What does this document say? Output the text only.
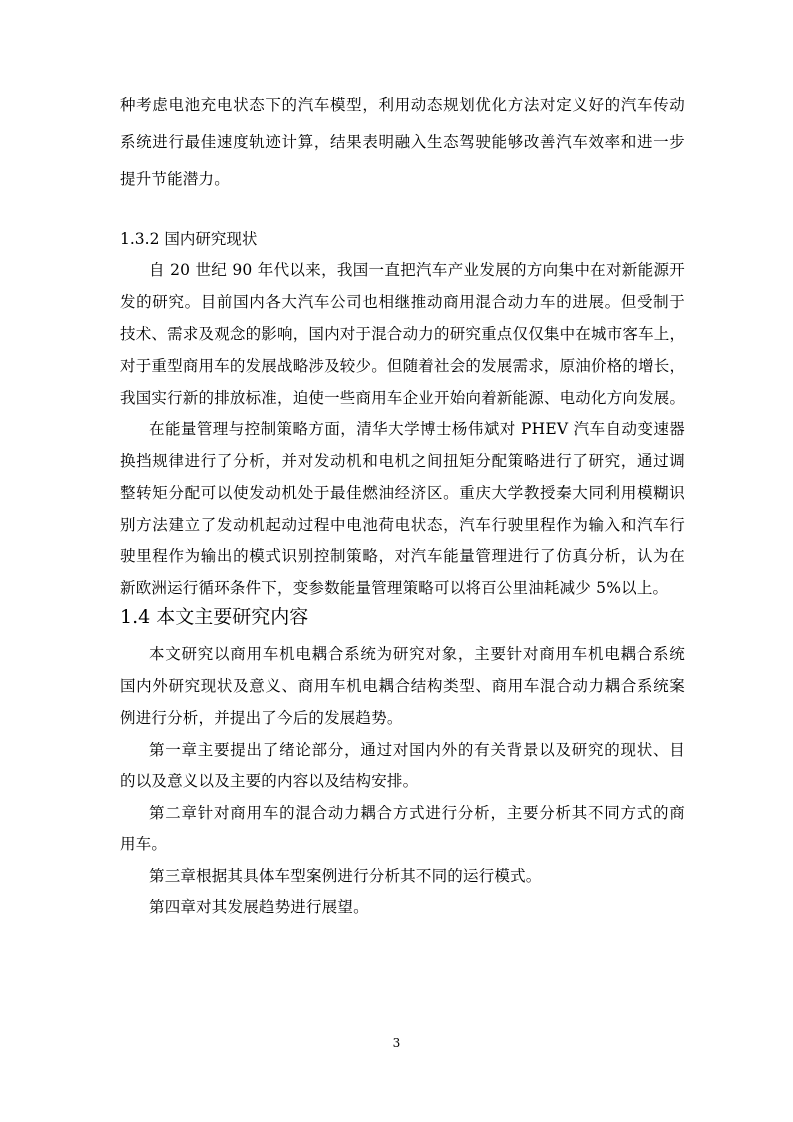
种考虑电池充电状态下的汽车模型，利用动态规划优化方法对定义好的汽车传动
系统进行最佳速度轨迹计算，结果表明融入生态驾驶能够改善汽车效率和进一步
提升节能潜力。
1.3.2 国内研究现状
自 20 世纪 90 年代以来，我国一直把汽车产业发展的方向集中在对新能源开
发的研究。目前国内各大汽车公司也相继推动商用混合动力车的进展。但受制于
技术、需求及观念的影响，国内对于混合动力的研究重点仅仅集中在城市客车上，
对于重型商用车的发展战略涉及较少。但随着社会的发展需求，原油价格的增长，
我国实行新的排放标准，迫使一些商用车企业开始向着新能源、电动化方向发展。
在能量管理与控制策略方面，清华大学博士杨伟斌对 PHEV 汽车自动变速器
换挡规律进行了分析，并对发动机和电机之间扭矩分配策略进行了研究，通过调
整转矩分配可以使发动机处于最佳燃油经济区。重庆大学教授秦大同利用模糊识
别方法建立了发动机起动过程中电池荷电状态，汽车行驶里程作为输入和汽车行
驶里程作为输出的模式识别控制策略，对汽车能量管理进行了仿真分析，认为在
新欧洲运行循环条件下，变参数能量管理策略可以将百公里油耗减少 5%以上。
1.4 本文主要研究内容
本文研究以商用车机电耦合系统为研究对象，主要针对商用车机电耦合系统
国内外研究现状及意义、商用车机电耦合结构类型、商用车混合动力耦合系统案
例进行分析，并提出了今后的发展趋势。
第一章主要提出了绪论部分，通过对国内外的有关背景以及研究的现状、目
的以及意义以及主要的内容以及结构安排。
第二章针对商用车的混合动力耦合方式进行分析，主要分析其不同方式的商
用车。
第三章根据其具体车型案例进行分析其不同的运行模式。
第四章对其发展趋势进行展望。
3
